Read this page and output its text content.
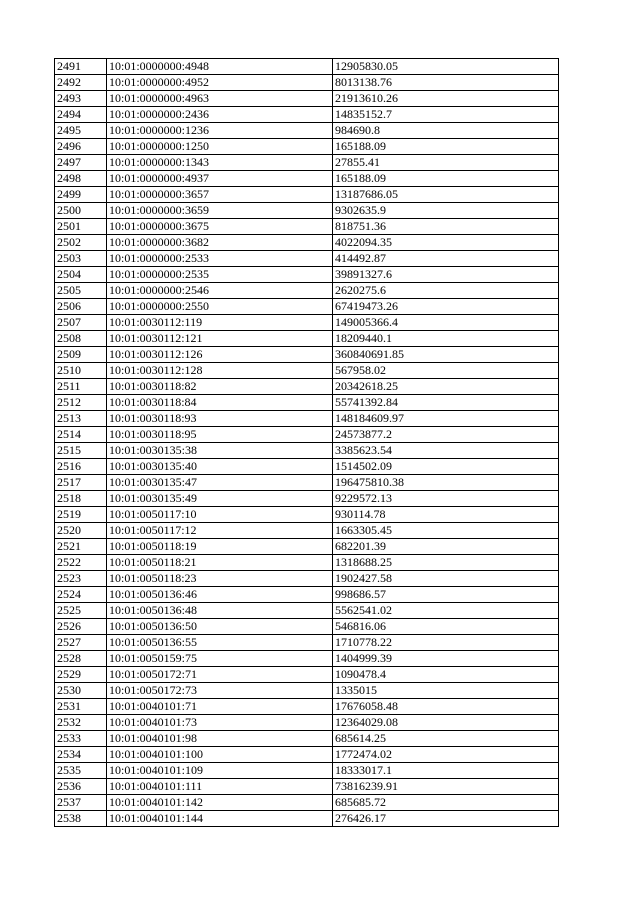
2491	10:01:0000000:4948	12905830.05
2492	10:01:0000000:4952	8013138.76
2493	10:01:0000000:4963	21913610.26
2494	10:01:0000000:2436	14835152.7
2495	10:01:0000000:1236	984690.8
2496	10:01:0000000:1250	165188.09
2497	10:01:0000000:1343	27855.41
2498	10:01:0000000:4937	165188.09
2499	10:01:0000000:3657	13187686.05
2500	10:01:0000000:3659	9302635.9
2501	10:01:0000000:3675	818751.36
2502	10:01:0000000:3682	4022094.35
2503	10:01:0000000:2533	414492.87
2504	10:01:0000000:2535	39891327.6
2505	10:01:0000000:2546	2620275.6
2506	10:01:0000000:2550	67419473.26
2507	10:01:0030112:119	149005366.4
2508	10:01:0030112:121	18209440.1
2509	10:01:0030112:126	360840691.85
2510	10:01:0030112:128	567958.02
2511	10:01:0030118:82	20342618.25
2512	10:01:0030118:84	55741392.84
2513	10:01:0030118:93	148184609.97
2514	10:01:0030118:95	24573877.2
2515	10:01:0030135:38	3385623.54
2516	10:01:0030135:40	1514502.09
2517	10:01:0030135:47	196475810.38
2518	10:01:0030135:49	9229572.13
2519	10:01:0050117:10	930114.78
2520	10:01:0050117:12	1663305.45
2521	10:01:0050118:19	682201.39
2522	10:01:0050118:21	1318688.25
2523	10:01:0050118:23	1902427.58
2524	10:01:0050136:46	998686.57
2525	10:01:0050136:48	5562541.02
2526	10:01:0050136:50	546816.06
2527	10:01:0050136:55	1710778.22
2528	10:01:0050159:75	1404999.39
2529	10:01:0050172:71	1090478.4
2530	10:01:0050172:73	1335015
2531	10:01:0040101:71	17676058.48
2532	10:01:0040101:73	12364029.08
2533	10:01:0040101:98	685614.25
2534	10:01:0040101:100	1772474.02
2535	10:01:0040101:109	18333017.1
2536	10:01:0040101:111	73816239.91
2537	10:01:0040101:142	685685.72
2538	10:01:0040101:144	276426.17
